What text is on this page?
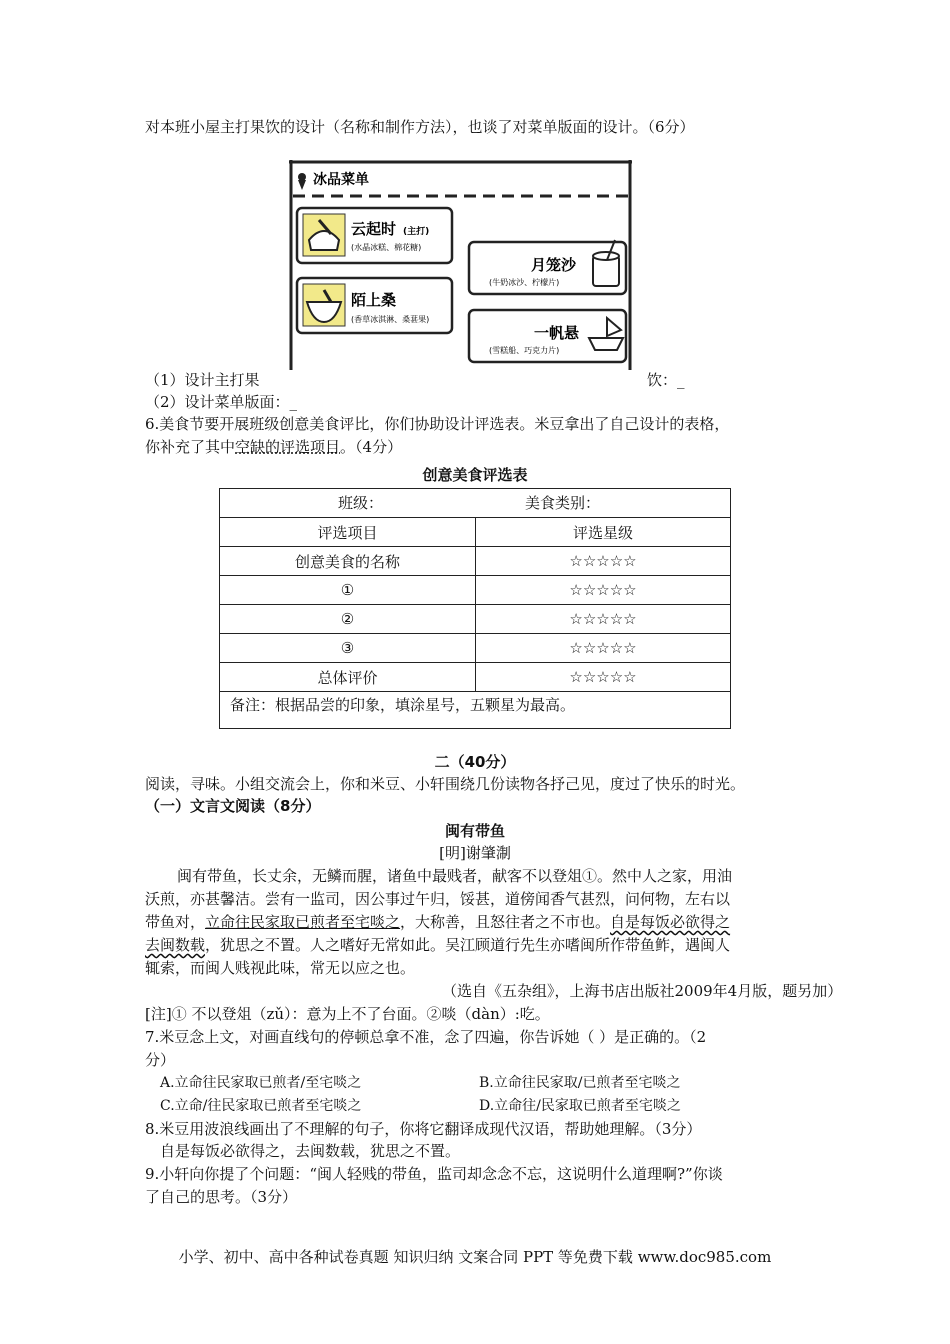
对本班小屋主打果饮的设计（名称和制作方法），也谈了对菜单版面的设计。（6分）
冰品菜单
云起时 (主打)
(水晶冰糕、棉花糖)
陌上桑
(香草冰淇淋、桑葚果)
月笼沙
(牛奶冰沙、柠檬片)
一帆悬
(雪糕船、巧克力片)
（1）设计主打果	饮：_
（2）设计菜单版面：_
6.美食节要开展班级创意美食评比，你们协助设计评选表。米豆拿出了自己设计的表格，
你补充了其中空缺的评选项目。（4分）
创意美食评选表
班级： 美食类别：	

评选项目	评选星级
创意美食的名称	☆☆☆☆☆
①	☆☆☆☆☆
②	☆☆☆☆☆
③	☆☆☆☆☆
总体评价	☆☆☆☆☆
备注：根据品尝的印象，填涂星号，五颗星为最高。	
二（40分）
阅读，寻味。小组交流会上，你和米豆、小轩围绕几份读物各抒己见，度过了快乐的时光。
（一）文言文阅读（8分）
闽有带鱼
[明]谢肇淛
闽有带鱼，长丈余，无鳞而腥，诸鱼中最贱者，献客不以登俎①。然中人之家，用油
沃煎，亦甚馨洁。尝有一监司，因公事过午归，馁甚，道傍闻香气甚烈，问何物，左右以
带鱼对，立命往民家取已煎者至宅啖之，大称善，且怒往者之不市也。自是每饭必欲得之
去闽数载，犹思之不置。人之嗜好无常如此。吴江顾道行先生亦嗜闽所作带鱼鲊，遇闽人
辄索，而闽人贱视此味，常无以应之也。
（选自《五杂组》，上海书店出版社2009年4月版，题另加）
[注]① 不以登俎（zǔ）：意为上不了台面。②啖（dàn）:吃。
7.米豆念上文，对画直线句的停顿总拿不准，念了四遍，你告诉她（ ）是正确的。（2
分）
A.立命往民家取已煎者/至宅啖之	B.立命往民家取/已煎者至宅啖之
C.立命/往民家取已煎者至宅啖之	D.立命往/民家取已煎者至宅啖之
8.米豆用波浪线画出了不理解的句子，你将它翻译成现代汉语，帮助她理解。（3分）
自是每饭必欲得之，去闽数载，犹思之不置。
9.小轩向你提了个问题：“闽人轻贱的带鱼，监司却念念不忘，这说明什么道理啊?”你谈
了自己的思考。（3分）
小学、初中、高中各种试卷真题 知识归纳 文案合同 PPT 等免费下载 www.doc985.com
